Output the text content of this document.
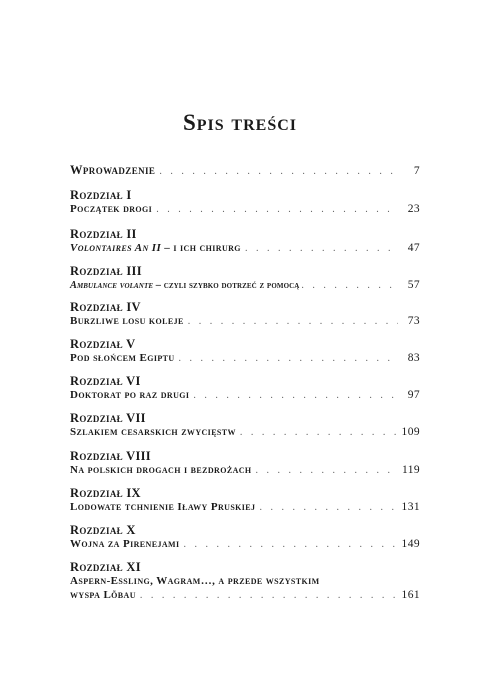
Spis treści
Wprowadzenie . . .	7
Rozdział I
Początek drogi . . .	23
Rozdział II
Volontaires An II – i ich chirurg . . .	47
Rozdział III
Ambulance volante – czyli szybko dotrzeć z pomocą . . .	57
Rozdział IV
Burzliwe losu koleje . . .	73
Rozdział V
Pod słońcem Egiptu . . .	83
Rozdział VI
Doktorat po raz drugi . . .	97
Rozdział VII
Szlakiem cesarskich zwycięstw . . .	109
Rozdział VIII
Na polskich drogach i bezdrożach . . .	119
Rozdział IX
Lodowate tchnienie Iławy Pruskiej . . .	131
Rozdział X
Wojna za Pirenejami . . .	149
Rozdział XI
Aspern-Essling, Wagram…, a przede wszystkim
wyspa Lõbau . . .	161
